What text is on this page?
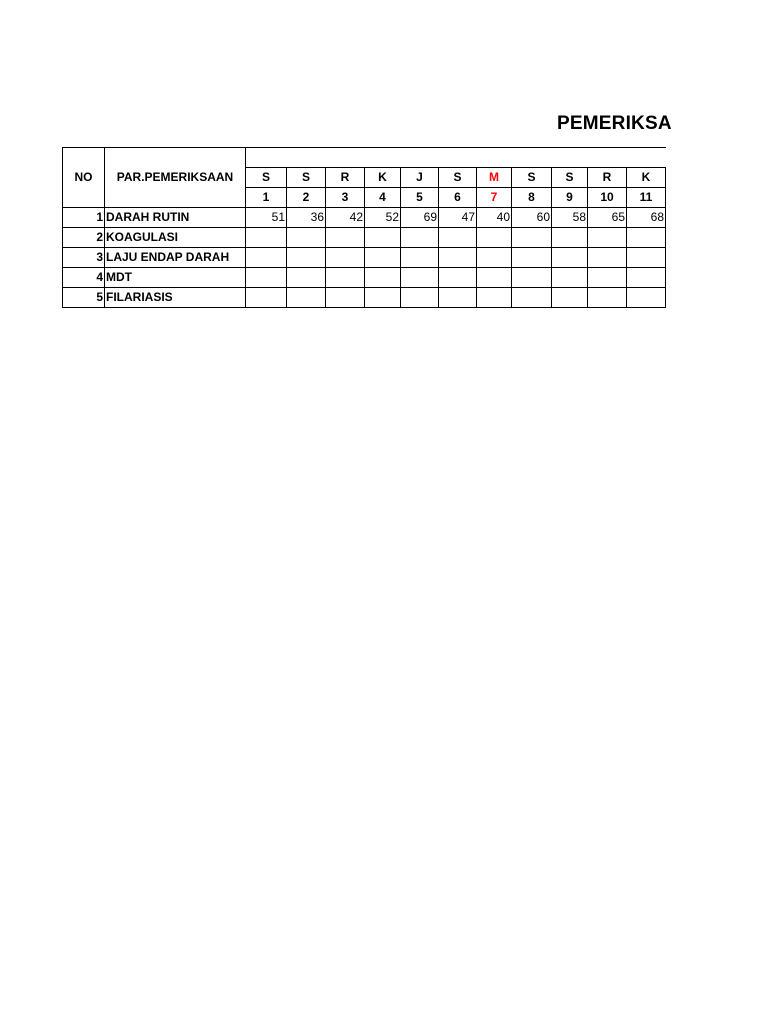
PEMERIKSA
NO	PAR.PEMERIKSAAN											
		S	S	R	K	J	S	M	S	S	R	K
		1	2	3	4	5	6	7	8	9	10	11
1	DARAH RUTIN	51	36	42	52	69	47	40	60	58	65	68
2	KOAGULASI											
3	LAJU ENDAP DARAH											
4	MDT											
5	FILARIASIS											
